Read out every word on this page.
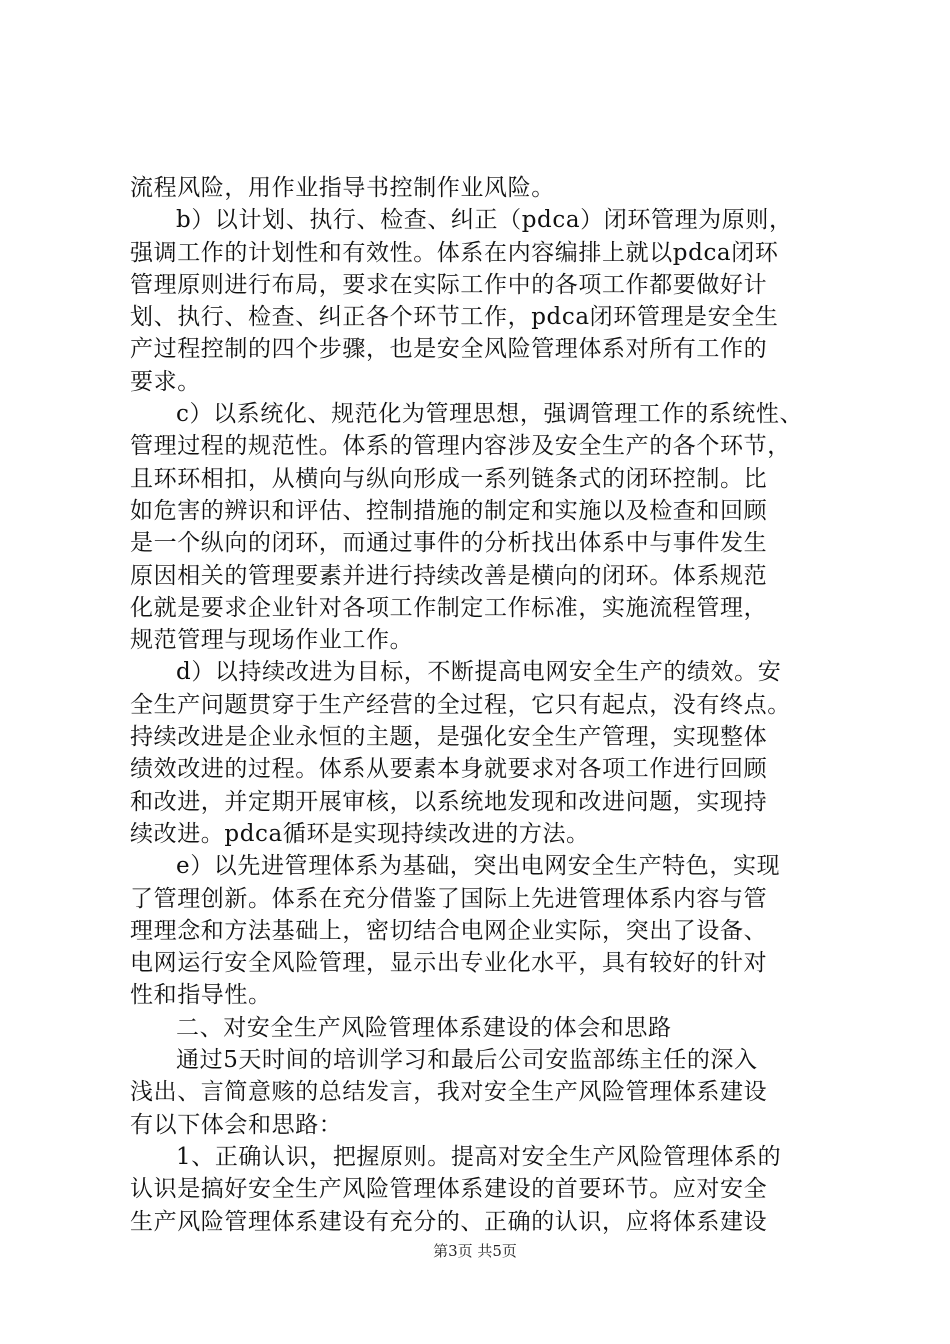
流程风险，用作业指导书控制作业风险。
b）以计划、执行、检查、纠正（pdca）闭环管理为原则，
强调工作的计划性和有效性。体系在内容编排上就以pdca闭环
管理原则进行布局，要求在实际工作中的各项工作都要做好计
划、执行、检查、纠正各个环节工作，pdca闭环管理是安全生
产过程控制的四个步骤，也是安全风险管理体系对所有工作的
要求。
c）以系统化、规范化为管理思想，强调管理工作的系统性、
管理过程的规范性。体系的管理内容涉及安全生产的各个环节，
且环环相扣，从横向与纵向形成一系列链条式的闭环控制。比
如危害的辨识和评估、控制措施的制定和实施以及检查和回顾
是一个纵向的闭环，而通过事件的分析找出体系中与事件发生
原因相关的管理要素并进行持续改善是横向的闭环。体系规范
化就是要求企业针对各项工作制定工作标准，实施流程管理，
规范管理与现场作业工作。
d）以持续改进为目标，不断提高电网安全生产的绩效。安
全生产问题贯穿于生产经营的全过程，它只有起点，没有终点。
持续改进是企业永恒的主题，是强化安全生产管理，实现整体
绩效改进的过程。体系从要素本身就要求对各项工作进行回顾
和改进，并定期开展审核，以系统地发现和改进问题，实现持
续改进。pdca循环是实现持续改进的方法。
e）以先进管理体系为基础，突出电网安全生产特色，实现
了管理创新。体系在充分借鉴了国际上先进管理体系内容与管
理理念和方法基础上，密切结合电网企业实际，突出了设备、
电网运行安全风险管理，显示出专业化水平，具有较好的针对
性和指导性。
二、对安全生产风险管理体系建设的体会和思路
通过5天时间的培训学习和最后公司安监部练主任的深入
浅出、言简意赅的总结发言，我对安全生产风险管理体系建设
有以下体会和思路：
1、正确认识，把握原则。提高对安全生产风险管理体系的
认识是搞好安全生产风险管理体系建设的首要环节。应对安全
生产风险管理体系建设有充分的、正确的认识，应将体系建设
第3页 共5页
